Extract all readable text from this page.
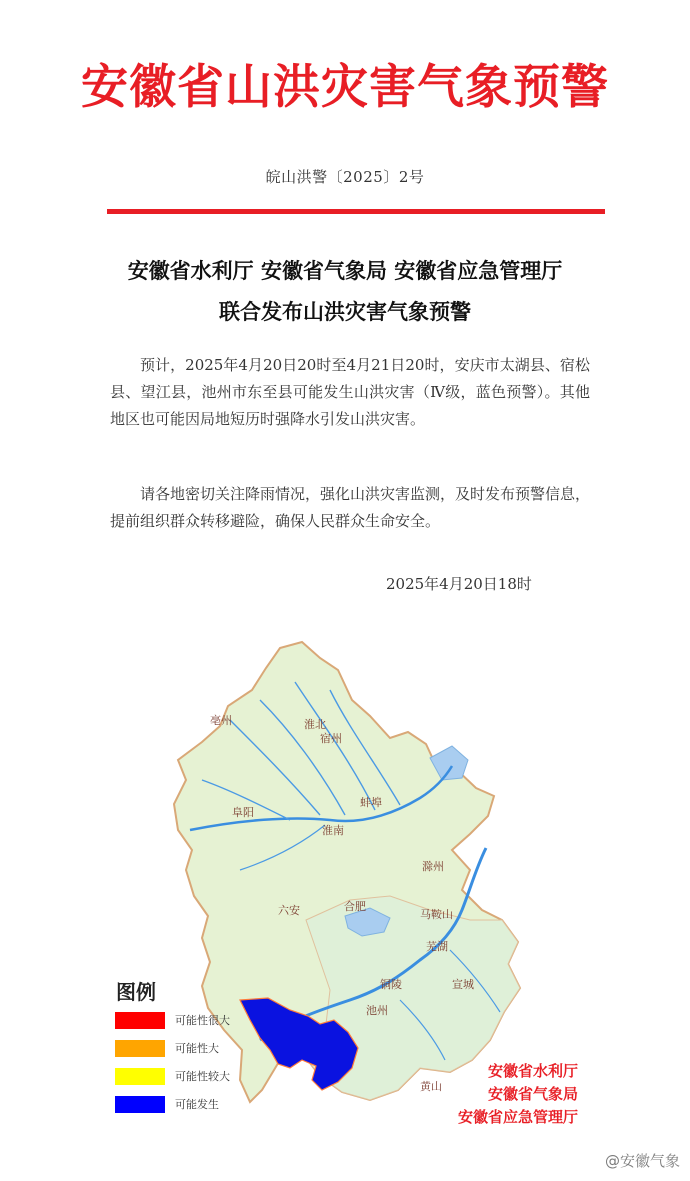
安徽省山洪灾害气象预警
皖山洪警〔2025〕2号
安徽省水利厅 安徽省气象局 安徽省应急管理厅
联合发布山洪灾害气象预警

预计，2025年4月20日20时至4月21日20时，安庆市太湖县、宿松县、望江县，池州市东至县可能发生山洪灾害（Ⅳ级，蓝色预警）。其他地区也可能因局地短历时强降水引发山洪灾害。

请各地密切关注降雨情况，强化山洪灾害监测，及时发布预警信息，提前组织群众转移避险，确保人民群众生命安全。

2025年4月20日18时
亳州	淮北
宿州
阜阳
蚌埠
淮南
滁州
六安	合肥
马鞍山
芜湖
铜陵	宣城
池州
黄山
图例
可能性很大
可能性大
可能性较大
可能发生
安徽省水利厅
安徽省气象局
安徽省应急管理厅
@安徽气象
